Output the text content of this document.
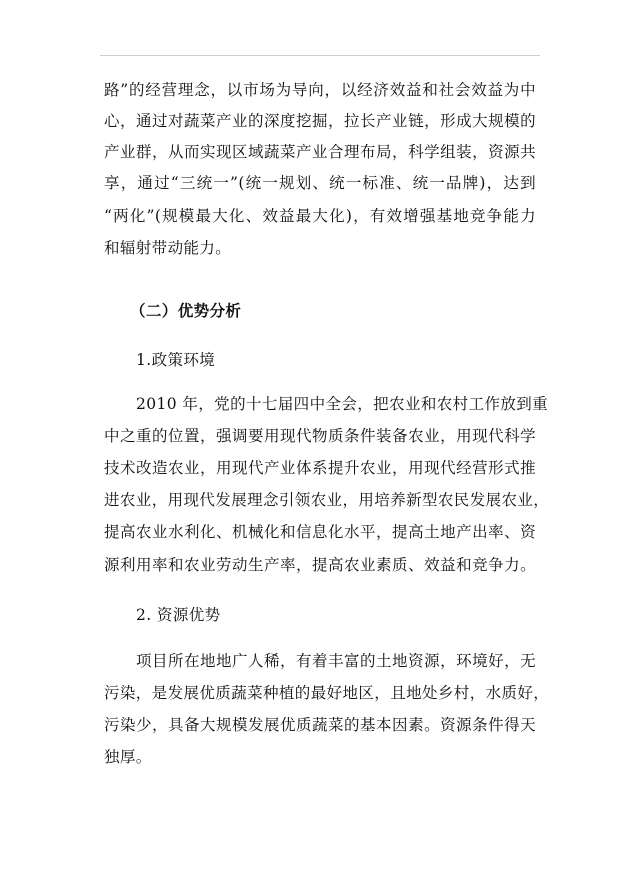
路”的经营理念，以市场为导向，以经济效益和社会效益为中
心，通过对蔬菜产业的深度挖掘，拉长产业链，形成大规模的
产业群，从而实现区域蔬菜产业合理布局，科学组装，资源共
享，通过“三统一”(统一规划、统一标准、统一品牌)，达到
“两化”(规模最大化、效益最大化)，有效增强基地竞争能力
和辐射带动能力。
（二）优势分析
1.政策环境
2010 年，党的十七届四中全会，把农业和农村工作放到重
中之重的位置，强调要用现代物质条件装备农业，用现代科学
技术改造农业，用现代产业体系提升农业，用现代经营形式推
进农业，用现代发展理念引领农业，用培养新型农民发展农业，
提高农业水利化、机械化和信息化水平，提高土地产出率、资
源利用率和农业劳动生产率，提高农业素质、效益和竞争力。
2. 资源优势
项目所在地地广人稀，有着丰富的土地资源，环境好，无
污染，是发展优质蔬菜种植的最好地区，且地处乡村，水质好，
污染少，具备大规模发展优质蔬菜的基本因素。资源条件得天
独厚。
